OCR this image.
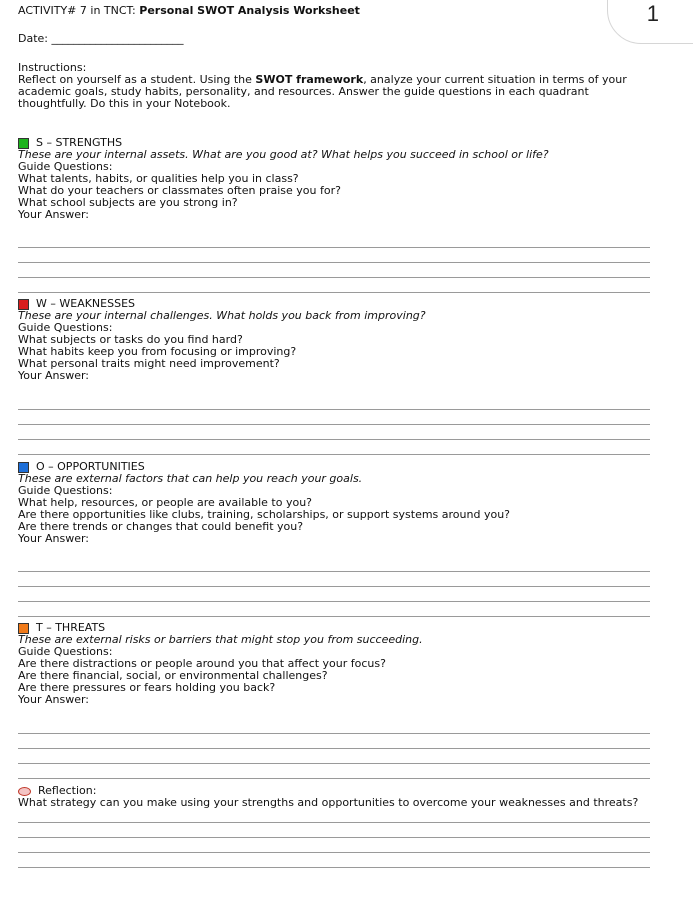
1
ACTIVITY# 7 in TNCT: Personal SWOT Analysis Worksheet
Date: ________________________
Instructions:
Reflect on yourself as a student. Using the SWOT framework, analyze your current situation in terms of your academic goals, study habits, personality, and resources. Answer the guide questions in each quadrant thoughtfully. Do this in your Notebook.
S – STRENGTHS
These are your internal assets. What are you good at? What helps you succeed in school or life?
Guide Questions:
What talents, habits, or qualities help you in class?
What do your teachers or classmates often praise you for?
What school subjects are you strong in?
Your Answer:
W – WEAKNESSES
These are your internal challenges. What holds you back from improving?
Guide Questions:
What subjects or tasks do you find hard?
What habits keep you from focusing or improving?
What personal traits might need improvement?
Your Answer:
O – OPPORTUNITIES
These are external factors that can help you reach your goals.
Guide Questions:
What help, resources, or people are available to you?
Are there opportunities like clubs, training, scholarships, or support systems around you?
Are there trends or changes that could benefit you?
Your Answer:
T – THREATS
These are external risks or barriers that might stop you from succeeding.
Guide Questions:
Are there distractions or people around you that affect your focus?
Are there financial, social, or environmental challenges?
Are there pressures or fears holding you back?
Your Answer:
Reflection:
What strategy can you make using your strengths and opportunities to overcome your weaknesses and threats?
